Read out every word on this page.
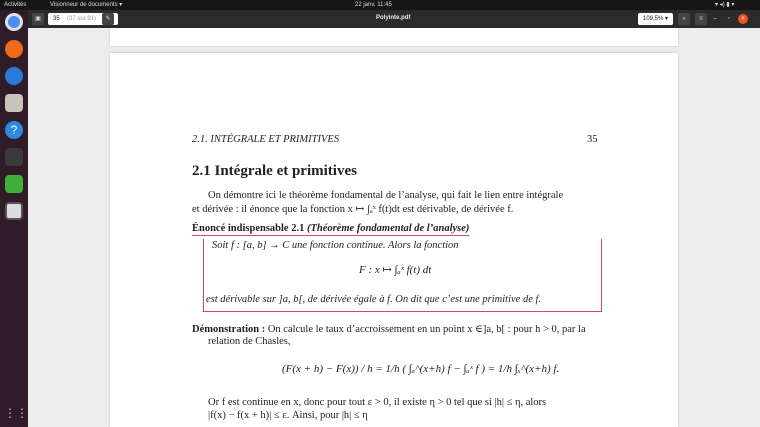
Activités	Visionneur de documents ▾	22 janv. 11:45	▾ ◂) ▮ ▾
?
⋮⋮
▣	35 (37 sur 91)	✎	Polyinte.pdf	109,5% ▾	⌕	≡	–	▫	×
2.1. INTÉGRALE ET PRIMITIVES	35
2.1 Intégrale et primitives
On démontre ici le théorème fondamental de l’analyse, qui fait le lien entre intégrale
et dérivée : il énonce que la fonction x ↦ ∫ₐˣ f(t)dt est dérivable, de dérivée f.
Énoncé indispensable 2.1 (Théorème fondamental de l’analyse)
Soit f : [a, b] → C une fonction continue. Alors la fonction
F : x ↦ ∫ₐˣ f(t) dt
est dérivable sur ]a, b[, de dérivée égale à f. On dit que c’est une primitive de f.
Démonstration : On calcule le taux d’accroissement en un point x ∈]a, b[ : pour h > 0, par la
relation de Chasles,
(F(x + h) − F(x)) / h = 1/h ( ∫ₐ^(x+h) f − ∫ₐˣ f ) = 1/h ∫ₓ^(x+h) f.
Or f est continue en x, donc pour tout ε > 0, il existe η > 0 tel que si |h| ≤ η, alors
|f(x) − f(x + h)| ≤ ε. Ainsi, pour |h| ≤ η
